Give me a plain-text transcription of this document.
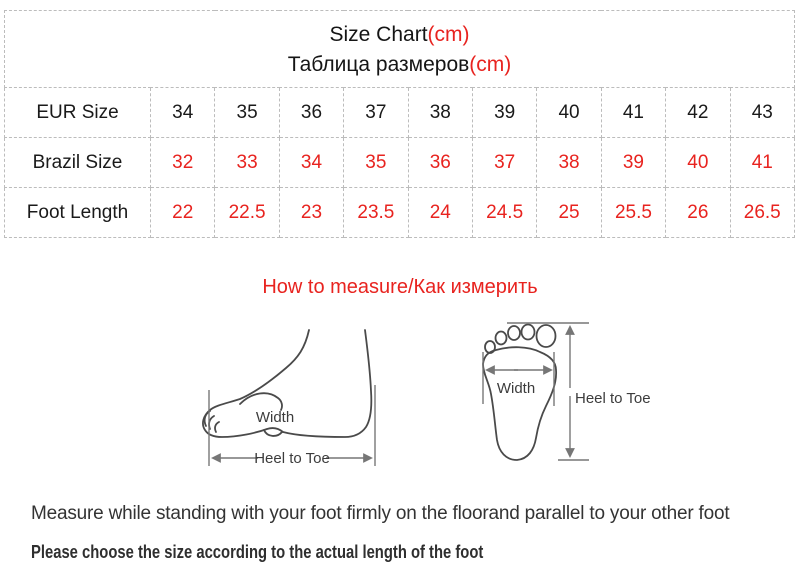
Size Chart(cm)
Таблица размеров(cm)										

EUR Size	34	35	36	37	38	39	40	41	42	43
Brazil Size	32	33	34	35	36	37	38	39	40	41
Foot Length	22	22.5	23	23.5	24	24.5	25	25.5	26	26.5
How to measure/Как измерить
Heel to Toe
Width
Width
Heel to Toe
Measure while standing with your foot firmly on the floorand parallel to your other foot
Please choose the size according to the actual length of the foot
